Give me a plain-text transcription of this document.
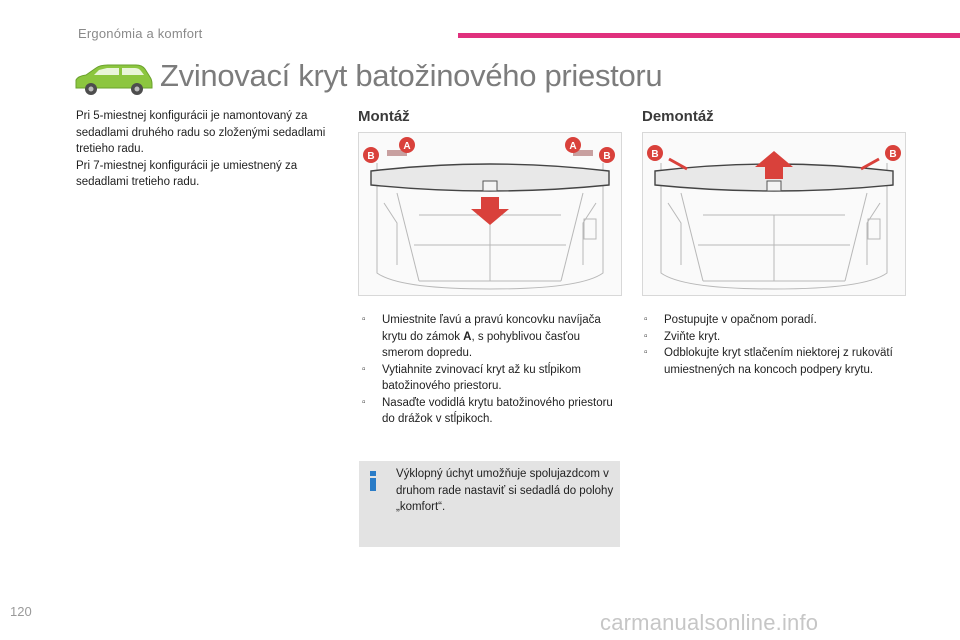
Ergonómia a komfort
Zvinovací kryt batožinového priestoru

Pri 5-miestnej konfigurácii je namontovaný za sedadlami druhého radu so zloženými sedadlami tretieho radu.

Pri 7-miestnej konfigurácii je umiestnený za sedadlami tretieho radu.

Montáž	Demontáž
B
A	A
B	B	B
▫ Umiestnite ľavú a pravú koncovku navíjača krytu do zámok A, s pohyblivou časťou smerom dopredu.
▫ Vytiahnite zvinovací kryt až ku stĺpikom batožinového priestoru.
▫ Nasaďte vodidlá krytu batožinového priestoru do drážok v stĺpikoch.
▫ Postupujte v opačnom poradí.
▫ Zviňte kryt.
▫ Odblokujte kryt stlačením niektorej z rukovätí umiestnených na koncoch podpery krytu.
Výklopný úchyt umožňuje spolujazdcom v druhom rade nastaviť si sedadlá do polohy „komfort“.
120	carmanualsonline.info
